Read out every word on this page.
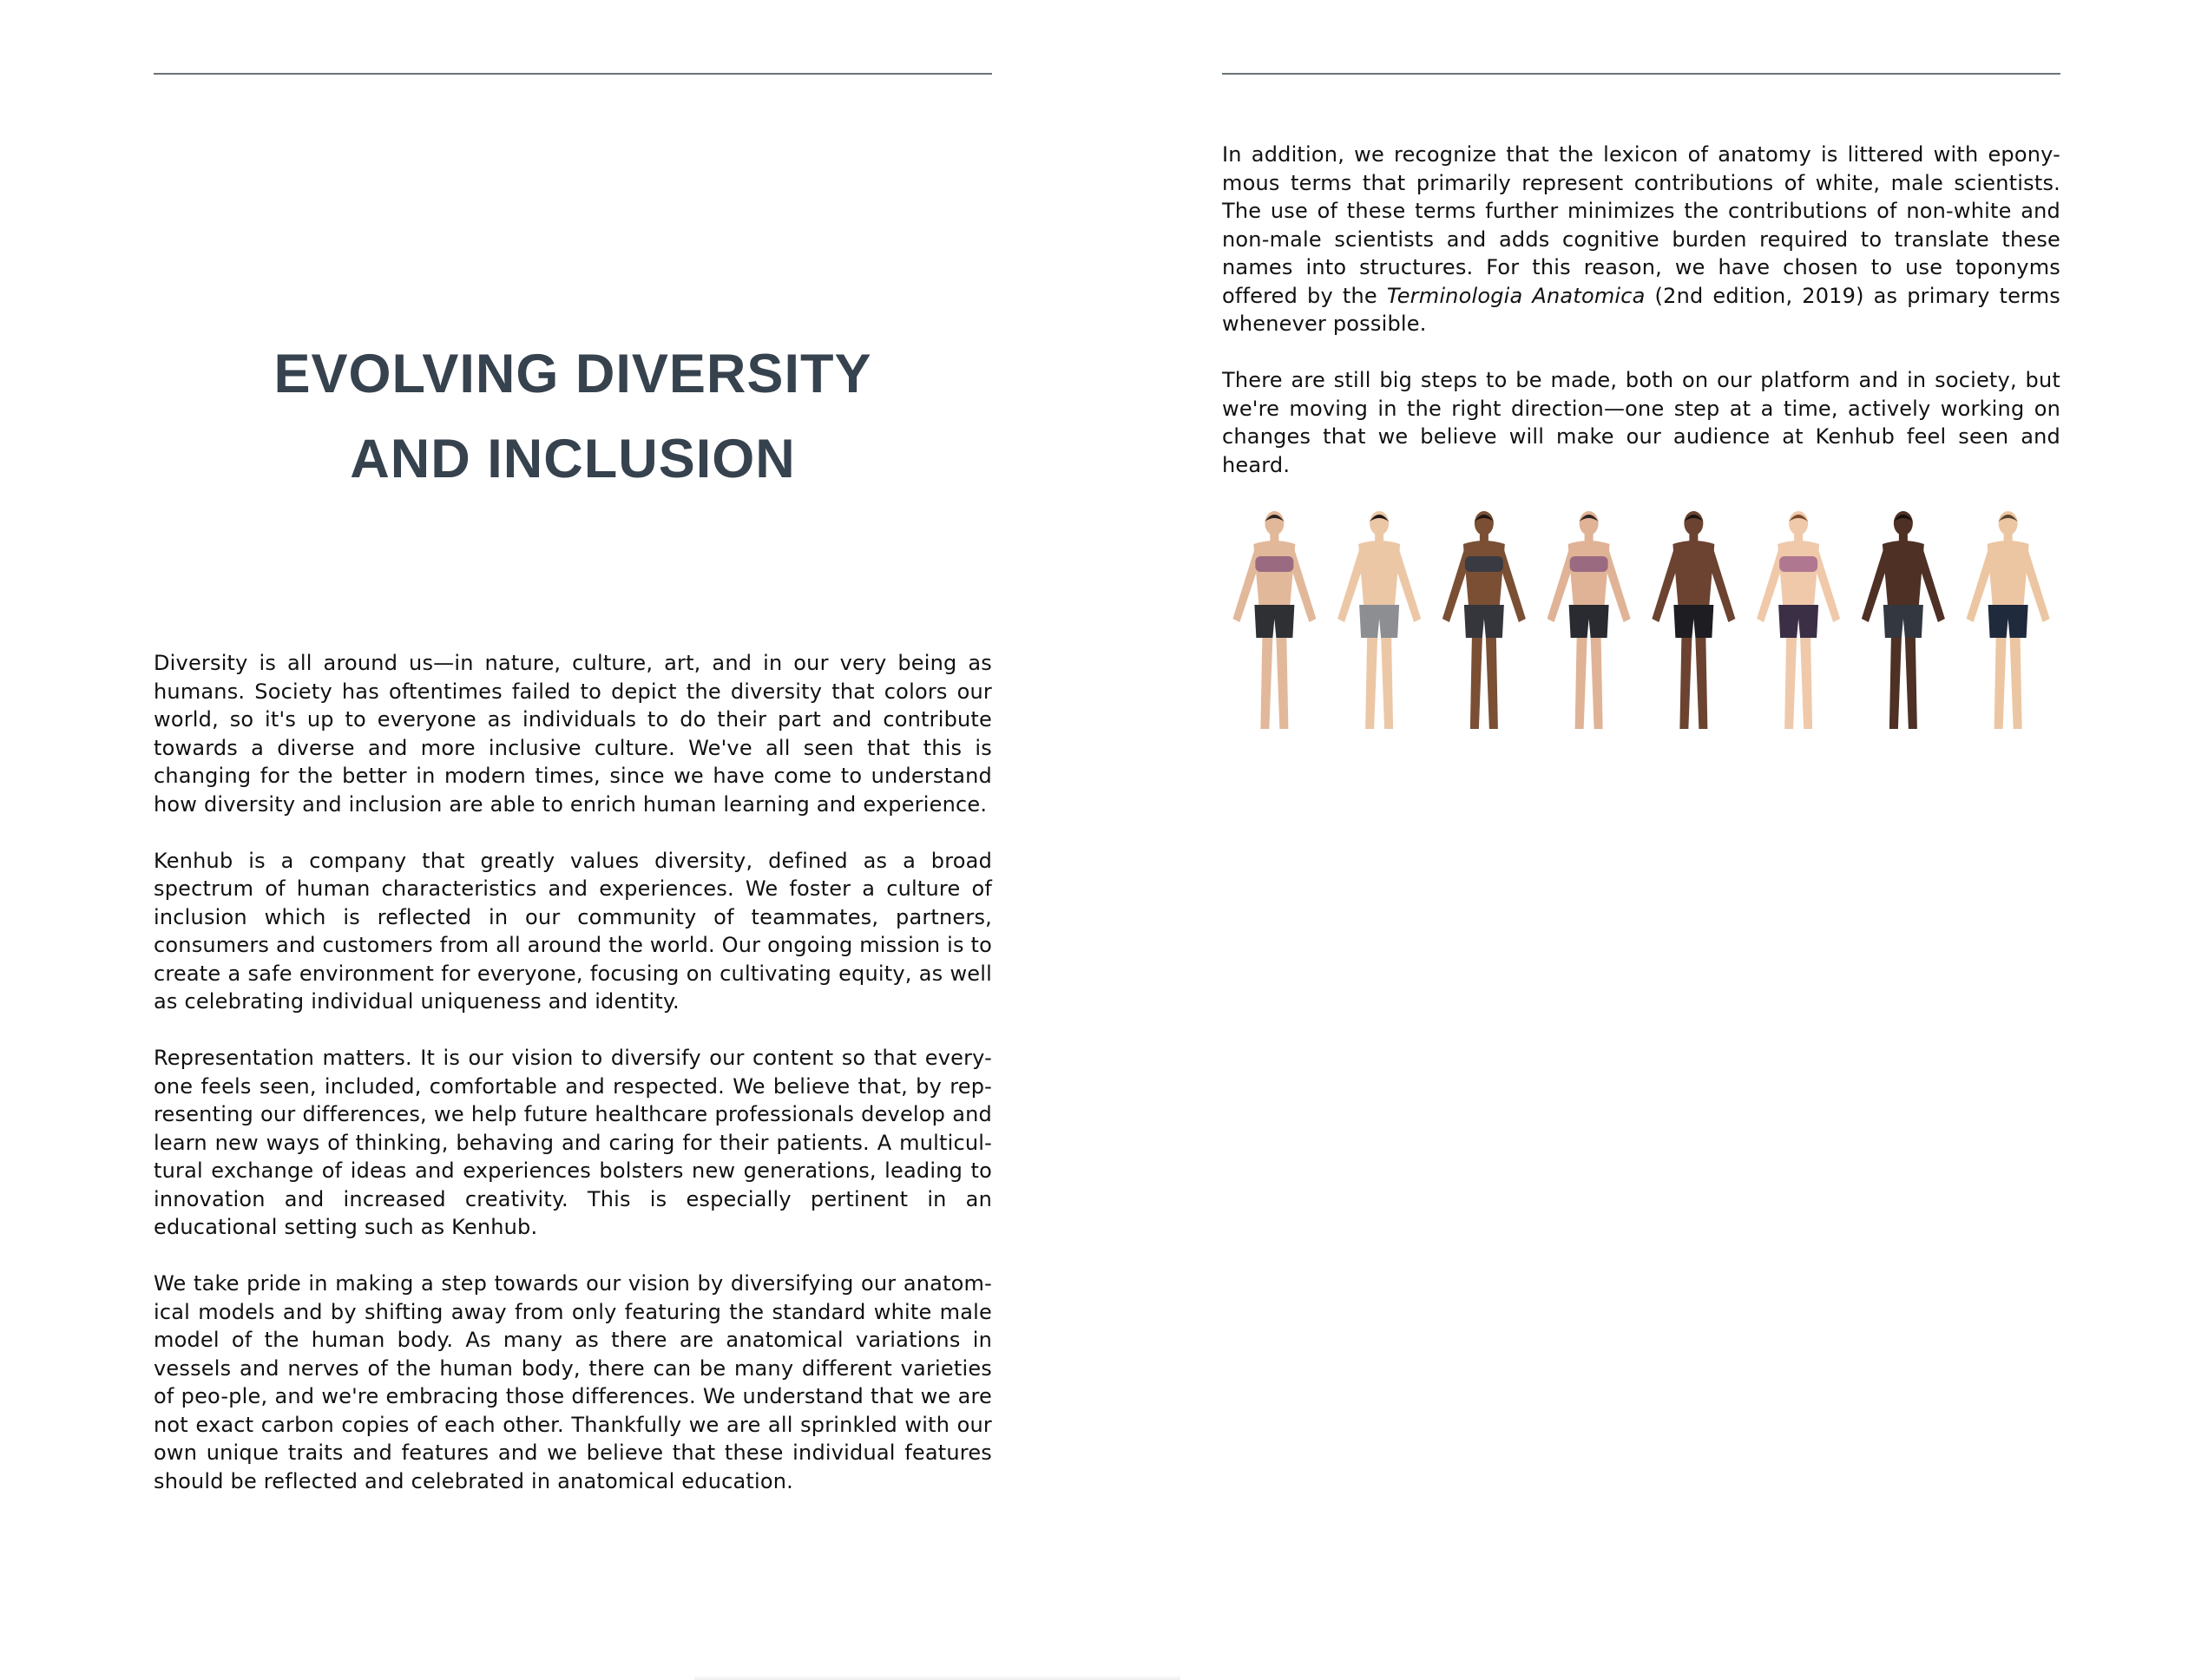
EVOLVING DIVERSITY
AND INCLUSION

Diversity is all around us—in nature, culture, art, and in our very being as humans. Society has oftentimes failed to depict the diversity that colors our world, so it's up to everyone as individuals to do their part and contribute towards a diverse and more inclusive culture. We've all seen that this is changing for the better in modern times, since we have come to understand how diversity and inclusion are able to enrich human learning and experience.

Kenhub is a company that greatly values diversity, defined as a broad spectrum of human characteristics and experiences. We foster a culture of inclusion which is reflected in our community of teammates, partners, consumers and customers from all around the world. Our ongoing mission is to create a safe environment for everyone, focusing on cultivating equity, as well as celebrating individual uniqueness and identity.

Representation matters. It is our vision to diversify our content so that every-one feels seen, included, comfortable and respected. We believe that, by rep-resenting our differences, we help future healthcare professionals develop and learn new ways of thinking, behaving and caring for their patients. A multicul-tural exchange of ideas and experiences bolsters new generations, leading to innovation and increased creativity. This is especially pertinent in an educational setting such as Kenhub.

We take pride in making a step towards our vision by diversifying our anatom-ical models and by shifting away from only featuring the standard white male model of the human body. As many as there are anatomical variations in vessels and nerves of the human body, there can be many different varieties of peo-ple, and we're embracing those differences. We understand that we are not exact carbon copies of each other. Thankfully we are all sprinkled with our own unique traits and features and we believe that these individual features should be reflected and celebrated in anatomical education.

In addition, we recognize that the lexicon of anatomy is littered with epony-mous terms that primarily represent contributions of white, male scientists. The use of these terms further minimizes the contributions of non-white and non-male scientists and adds cognitive burden required to translate these names into structures. For this reason, we have chosen to use toponyms offered by the Terminologia Anatomica (2nd edition, 2019) as primary terms whenever possible.

There are still big steps to be made, both on our platform and in society, but we're moving in the right direction—one step at a time, actively working on changes that we believe will make our audience at Kenhub feel seen and heard.
